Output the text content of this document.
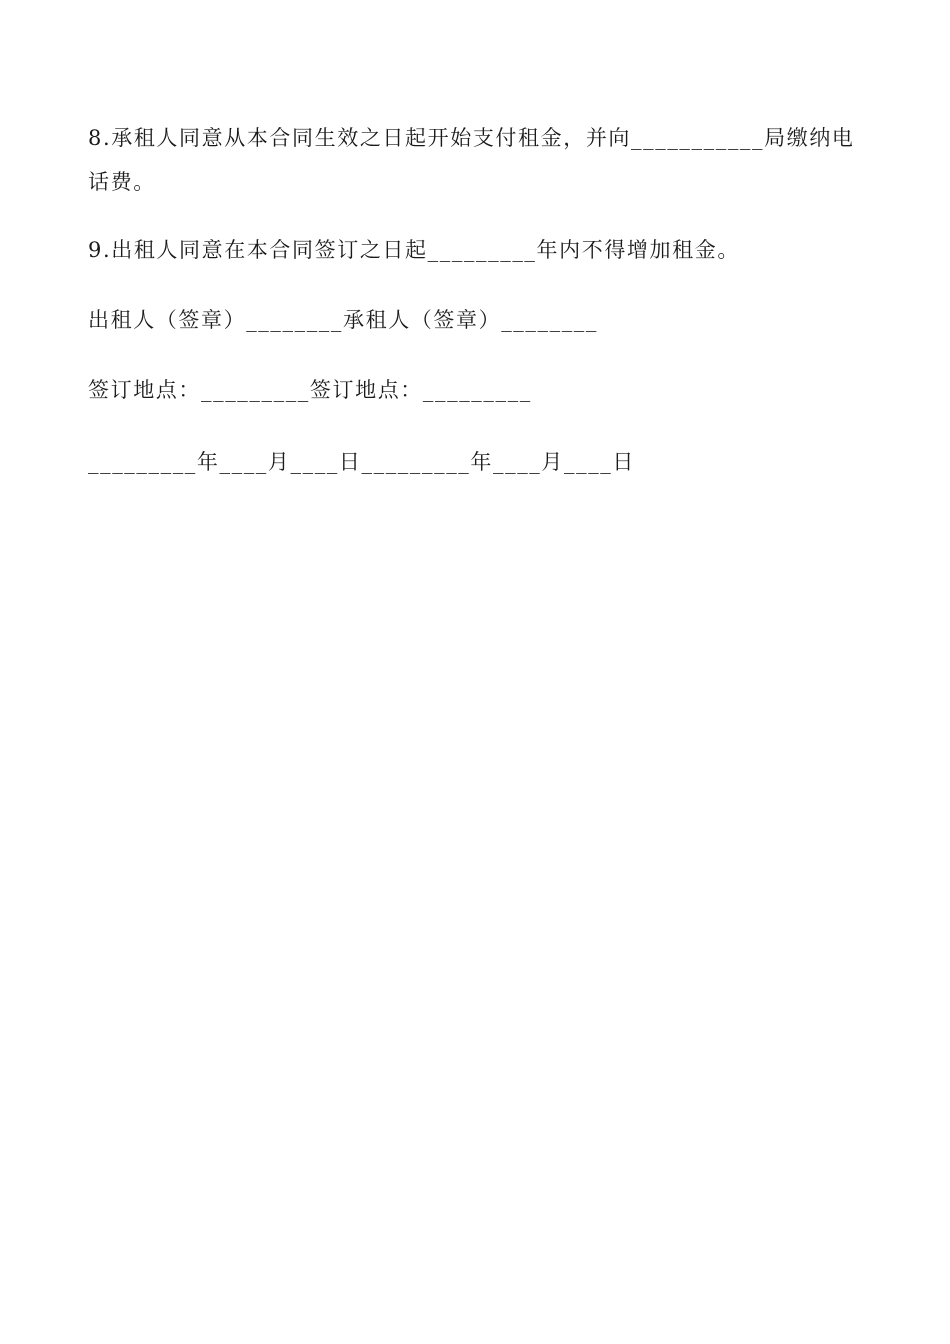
8.承租人同意从本合同生效之日起开始支付租金，并向___________局缴纳电话费。
9.出租人同意在本合同签订之日起_________年内不得增加租金。
出租人（签章）________承租人（签章）________
签订地点：_________签订地点：_________
_________年____月____日_________年____月____日
